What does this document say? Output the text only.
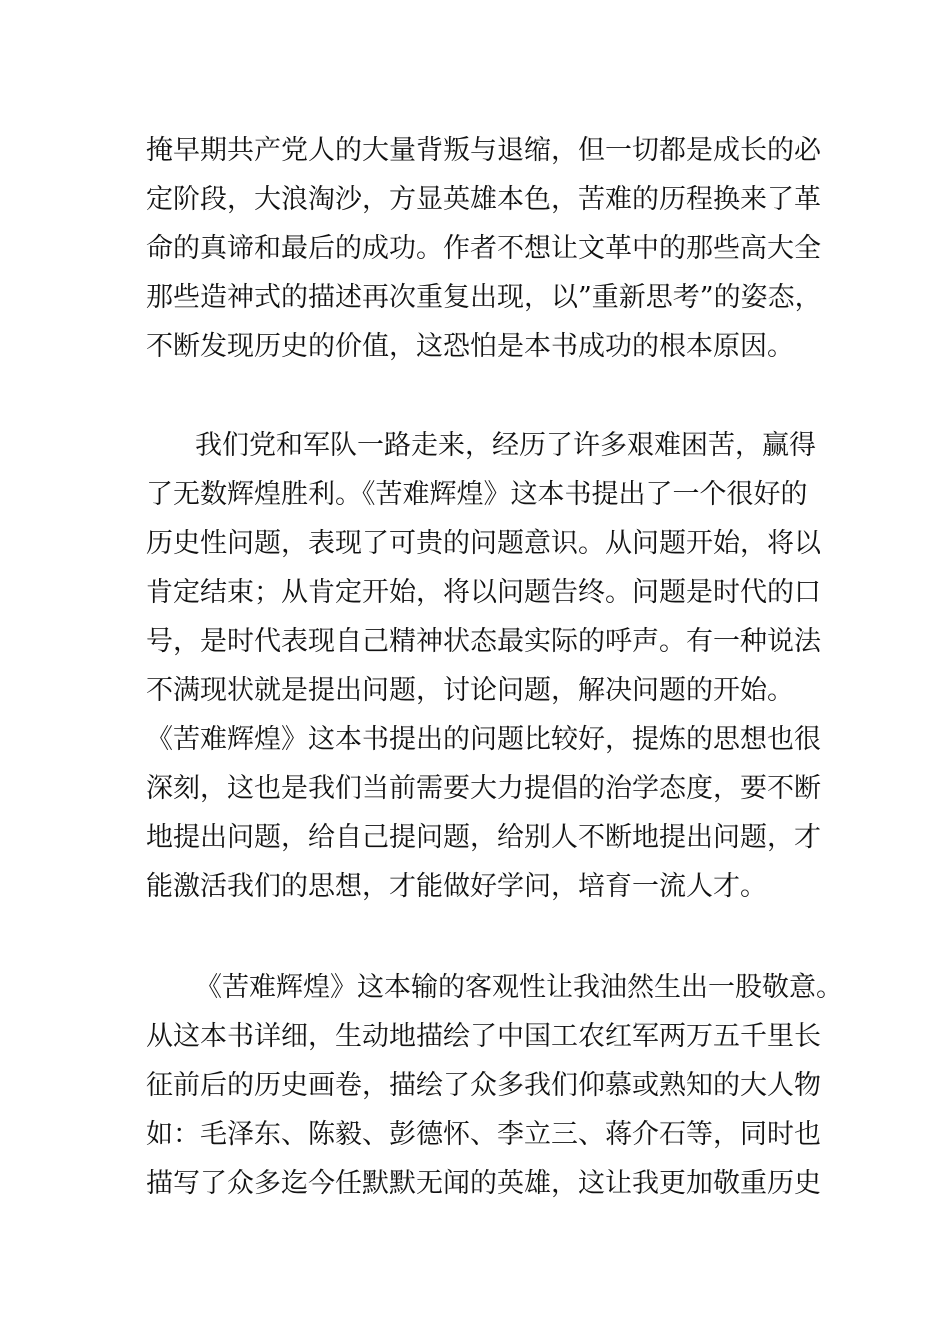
掩早期共产党人的大量背叛与退缩，但一切都是成长的必
定阶段，大浪淘沙，方显英雄本色，苦难的历程换来了革
命的真谛和最后的成功。作者不想让文革中的那些高大全
那些造神式的描述再次重复出现，以”重新思考”的姿态，
不断发现历史的价值，这恐怕是本书成功的根本原因。
我们党和军队一路走来，经历了许多艰难困苦，赢得
了无数辉煌胜利。《苦难辉煌》这本书提出了一个很好的
历史性问题，表现了可贵的问题意识。从问题开始，将以
肯定结束；从肯定开始，将以问题告终。问题是时代的口
号，是时代表现自己精神状态最实际的呼声。有一种说法
不满现状就是提出问题，讨论问题，解决问题的开始。
《苦难辉煌》这本书提出的问题比较好，提炼的思想也很
深刻，这也是我们当前需要大力提倡的治学态度，要不断
地提出问题，给自己提问题，给别人不断地提出问题，才
能激活我们的思想，才能做好学问，培育一流人才。
《苦难辉煌》这本输的客观性让我油然生出一股敬意。
从这本书详细，生动地描绘了中国工农红军两万五千里长
征前后的历史画卷，描绘了众多我们仰慕或熟知的大人物
如：毛泽东、陈毅、彭德怀、李立三、蒋介石等，同时也
描写了众多迄今任默默无闻的英雄，这让我更加敬重历史
